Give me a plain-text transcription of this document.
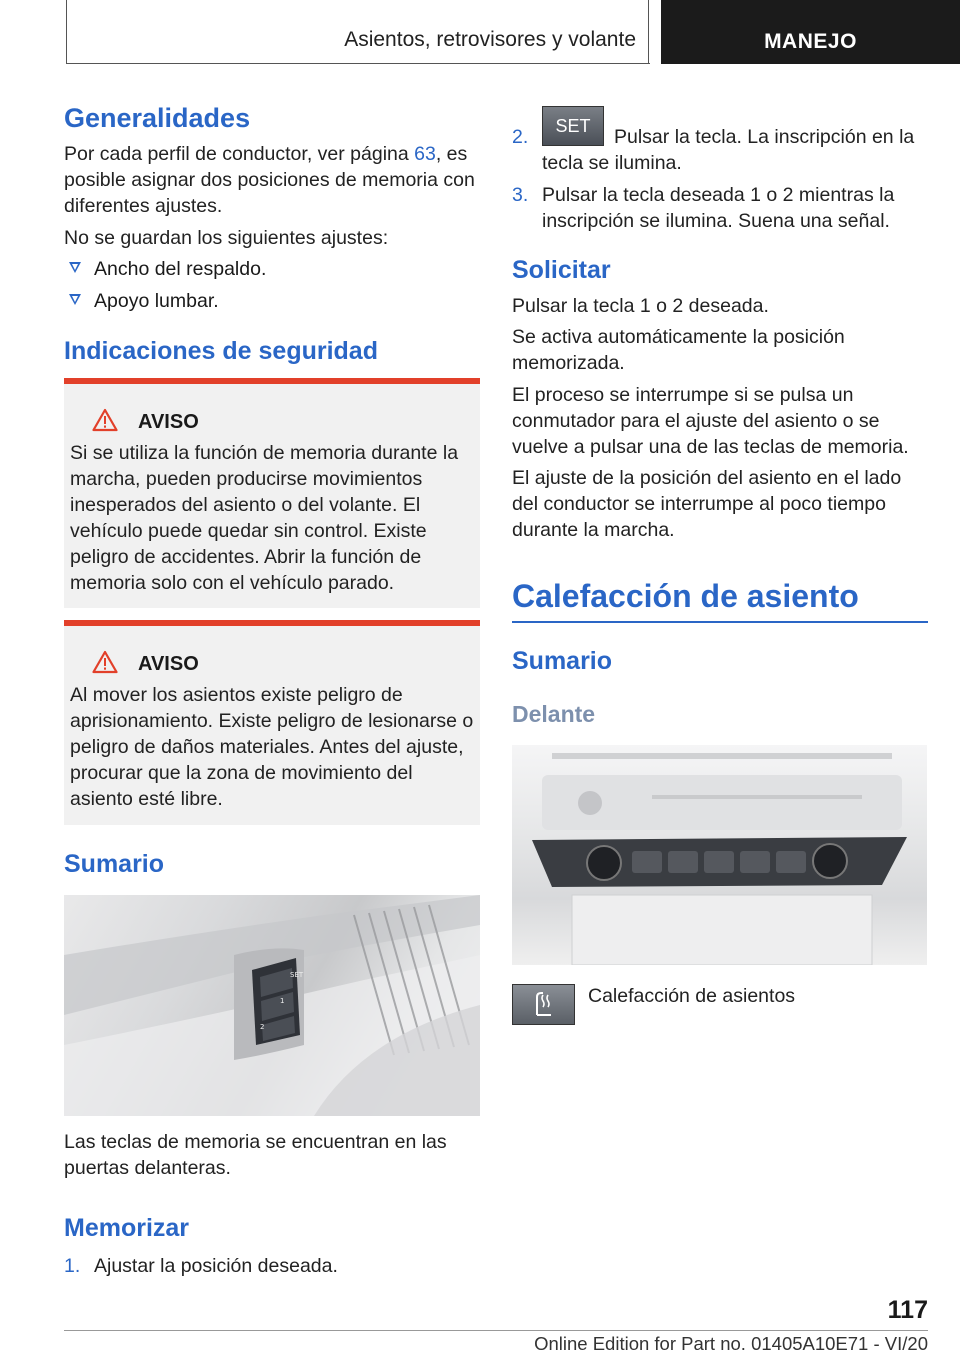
Asientos, retrovisores y volante	MANEJO
Generalidades
Por cada perfil de conductor, ver página 63, es posible asignar dos posiciones de memoria con diferentes ajustes.
No se guardan los siguientes ajustes:
Ancho del respaldo.
Apoyo lumbar.
Indicaciones de seguridad
AVISO
Si se utiliza la función de memoria durante la marcha, pueden producirse movimientos inesperados del asiento o del volante. El vehículo puede quedar sin control. Existe peligro de accidentes. Abrir la función de memoria solo con el vehículo parado.
AVISO
Al mover los asientos existe peligro de aprisionamiento. Existe peligro de lesionarse o peligro de daños materiales. Antes del ajuste, procurar que la zona de movimiento del asiento esté libre.
Sumario
SET
1
2
Las teclas de memoria se encuentran en las puertas delanteras.
Memorizar
1. Ajustar la posición deseada.
2.	SET	Pulsar la tecla. La inscripción en la tecla se ilumina.
3. Pulsar la tecla deseada 1 o 2 mientras la inscripción se ilumina. Suena una señal.
Solicitar
Pulsar la tecla 1 o 2 deseada.
Se activa automáticamente la posición memorizada.
El proceso se interrumpe si se pulsa un conmutador para el ajuste del asiento o se vuelve a pulsar una de las teclas de memoria.
El ajuste de la posición del asiento en el lado del conductor se interrumpe al poco tiempo durante la marcha.
Calefacción de asiento
Sumario
Delante
Calefacción de asientos
117
Online Edition for Part no. 01405A10E71 - VI/20
